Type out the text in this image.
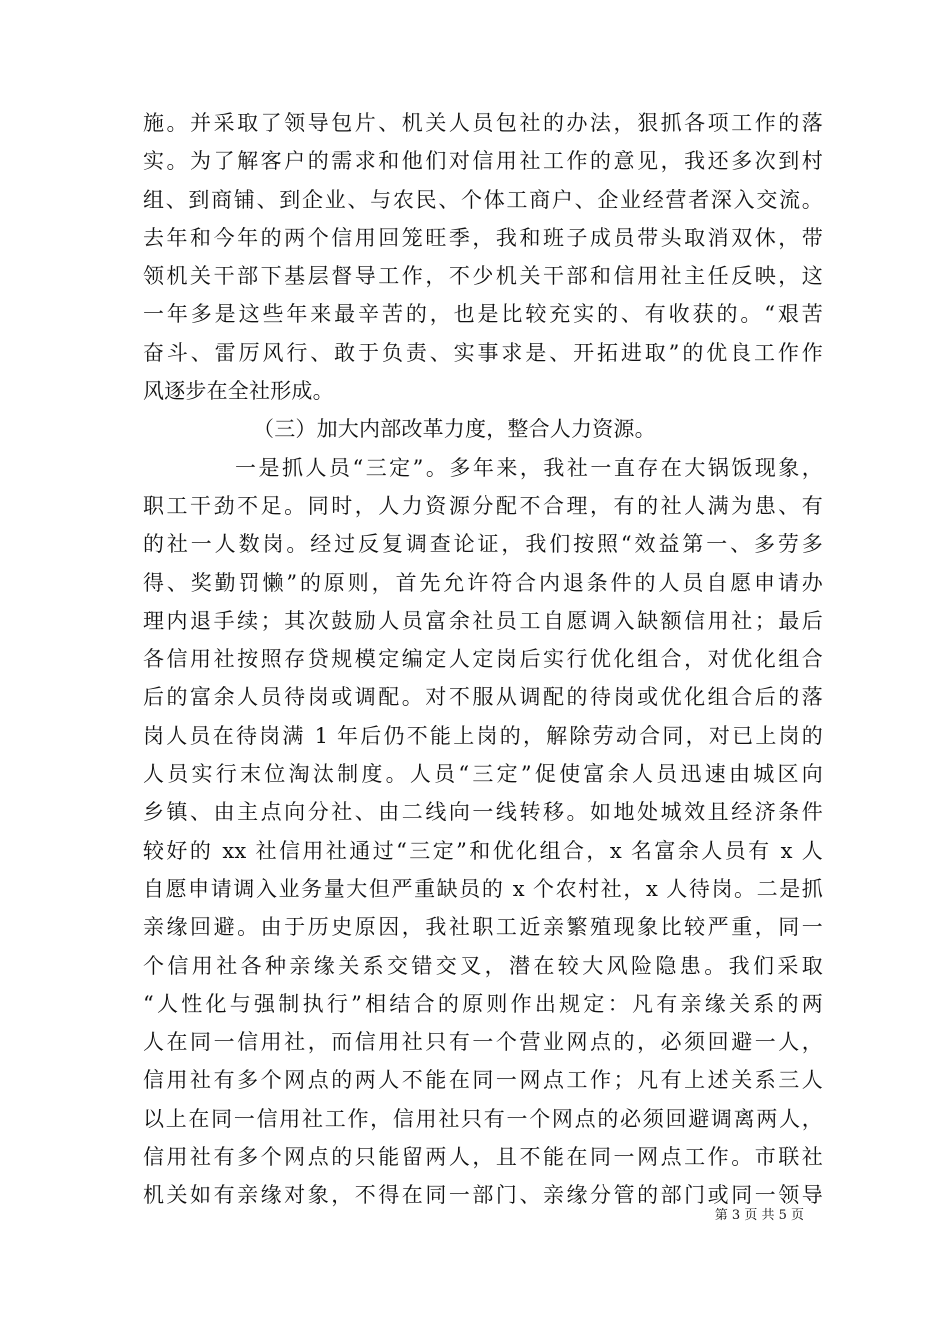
施。并采取了领导包片、机关人员包社的办法，狠抓各项工作的落
实。为了解客户的需求和他们对信用社工作的意见，我还多次到村
组、到商铺、到企业、与农民、个体工商户、企业经营者深入交流。
去年和今年的两个信用回笼旺季，我和班子成员带头取消双休，带
领机关干部下基层督导工作，不少机关干部和信用社主任反映，这
一年多是这些年来最辛苦的，也是比较充实的、有收获的。“艰苦
奋斗、雷厉风行、敢于负责、实事求是、开拓进取”的优良工作作
风逐步在全社形成。
（三）加大内部改革力度，整合人力资源。
一是抓人员“三定”。多年来，我社一直存在大锅饭现象，
职工干劲不足。同时，人力资源分配不合理，有的社人满为患、有
的社一人数岗。经过反复调查论证，我们按照“效益第一、多劳多
得、奖勤罚懒”的原则，首先允许符合内退条件的人员自愿申请办
理内退手续；其次鼓励人员富余社员工自愿调入缺额信用社；最后
各信用社按照存贷规模定编定人定岗后实行优化组合，对优化组合
后的富余人员待岗或调配。对不服从调配的待岗或优化组合后的落
岗人员在待岗满 1 年后仍不能上岗的，解除劳动合同，对已上岗的
人员实行末位淘汰制度。人员“三定”促使富余人员迅速由城区向
乡镇、由主点向分社、由二线向一线转移。如地处城效且经济条件
较好的 xx 社信用社通过“三定”和优化组合，x 名富余人员有 x 人
自愿申请调入业务量大但严重缺员的 x 个农村社，x 人待岗。二是抓
亲缘回避。由于历史原因，我社职工近亲繁殖现象比较严重，同一
个信用社各种亲缘关系交错交叉，潜在较大风险隐患。我们采取
“人性化与强制执行”相结合的原则作出规定：凡有亲缘关系的两
人在同一信用社，而信用社只有一个营业网点的，必须回避一人，
信用社有多个网点的两人不能在同一网点工作；凡有上述关系三人
以上在同一信用社工作，信用社只有一个网点的必须回避调离两人，
信用社有多个网点的只能留两人，且不能在同一网点工作。市联社
机关如有亲缘对象，不得在同一部门、亲缘分管的部门或同一领导
第 3 页 共 5 页
